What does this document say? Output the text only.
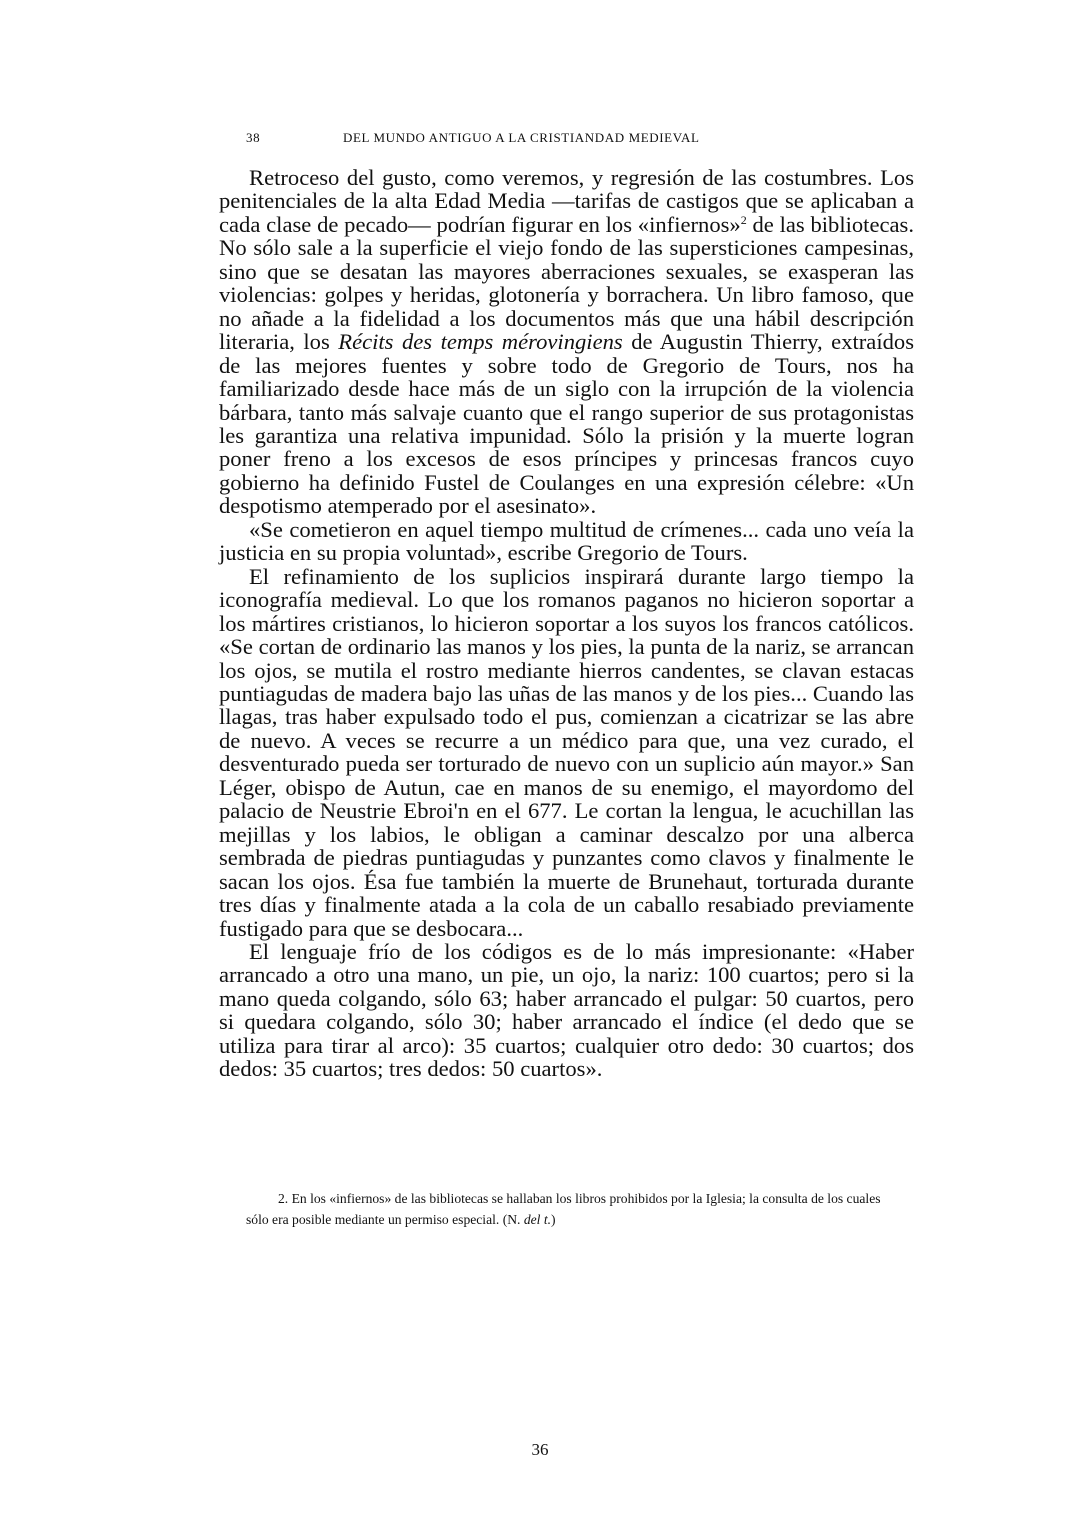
38	DEL MUNDO ANTIGUO A LA CRISTIANDAD MEDIEVAL

Retroceso del gusto, como veremos, y regresión de las costumbres. Los penitenciales de la alta Edad Media —tarifas de castigos que se aplicaban a cada clase de pecado— podrían figurar en los «infiernos»$^2$ de las bibliotecas. No sólo sale a la superficie el viejo fondo de las supersticiones campesinas, sino que se desatan las mayores aberraciones sexuales, se exasperan las violencias: golpes y heridas, glotonería y borrachera. Un libro famoso, que no añade a la fidelidad a los documentos más que una hábil descripción literaria, los Récits des temps mérovingiens de Augustin Thierry, extraídos de las mejores fuentes y sobre todo de Gregorio de Tours, nos ha familiarizado desde hace más de un siglo con la irrupción de la violencia bárbara, tanto más salvaje cuanto que el rango superior de sus protagonistas les garantiza una relativa impunidad. Sólo la prisión y la muerte logran poner freno a los excesos de esos príncipes y princesas francos cuyo gobierno ha definido Fustel de Coulanges en una expresión célebre: «Un despotismo atemperado por el asesinato».

«Se cometieron en aquel tiempo multitud de crímenes... cada uno veía la justicia en su propia voluntad», escribe Gregorio de Tours.

El refinamiento de los suplicios inspirará durante largo tiempo la iconografía medieval. Lo que los romanos paganos no hicieron soportar a los mártires cristianos, lo hicieron soportar a los suyos los francos católicos. «Se cortan de ordinario las manos y los pies, la punta de la nariz, se arrancan los ojos, se mutila el rostro mediante hierros candentes, se clavan estacas puntiagudas de madera bajo las uñas de las manos y de los pies... Cuando las llagas, tras haber expulsado todo el pus, comienzan a cicatrizar se las abre de nuevo. A veces se recurre a un médico para que, una vez curado, el desventurado pueda ser torturado de nuevo con un suplicio aún mayor.» San Léger, obispo de Autun, cae en manos de su enemigo, el mayordomo del palacio de Neustrie Ebroi'n en el 677. Le cortan la lengua, le acuchillan las mejillas y los labios, le obligan a caminar descalzo por una alberca sembrada de piedras puntiagudas y punzantes como clavos y finalmente le sacan los ojos. Ésa fue también la muerte de Brunehaut, torturada durante tres días y finalmente atada a la cola de un caballo resabiado previamente fustigado para que se desbocara...

El lenguaje frío de los códigos es de lo más impresionante: «Haber arrancado a otro una mano, un pie, un ojo, la nariz: 100 cuartos; pero si la mano queda colgando, sólo 63; haber arrancado el pulgar: 50 cuartos, pero si quedara colgando, sólo 30; haber arrancado el índice (el dedo que se utiliza para tirar al arco): 35 cuartos; cualquier otro dedo: 30 cuartos; dos dedos: 35 cuartos; tres dedos: 50 cuartos».

2. En los «infiernos» de las bibliotecas se hallaban los libros prohibidos por la Iglesia; la consulta de los cuales sólo era posible mediante un permiso especial. (N. del t.)

36
